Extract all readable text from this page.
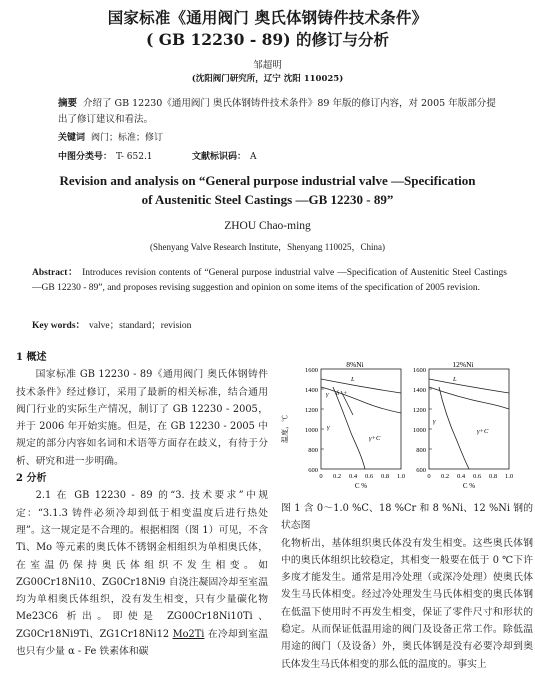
国家标准《通用阀门 奥氏体钢铸件技术条件》
( GB 12230 - 89) 的修订与分析
邹超明
(沈阳阀门研究所，辽宁 沈阳 110025)
摘要 介绍了 GB 12230《通用阀门 奥氏体钢铸件技术条件》89 年版的修订内容，对 2005 年版部分提出了修订建议和看法。
关键词 阀门；标准；修订
中图分类号： T- 652.1	文献标识码： A
Revision and analysis on “General purpose industrial valve —Specification
of Austenitic Steel Castings —GB 12230 - 89”
ZHOU Chao-ming
(Shenyang Valve Research Institute，Shenyang 110025，China)
Abstract： Introduces revision contents of “General purpose industrial valve —Specification of Austenitic Steel Castings —GB 12230 - 89”, and proposes revising suggestion and opinion on some items of the specification of 2005 revision.
Key words： valve；standard；revision
1 概述
国家标准 GB 12230 - 89《通用阀门 奥氏体钢铸件技术条件》经过修订，采用了最新的相关标准，结合通用阀门行业的实际生产情况，制订了 GB 12230 - 2005，并于 2006 年开始实施。但是，在 GB 12230 - 2005 中规定的部分内容如名词和术语等方面存在歧义，有待于分析、研究和进一步明确。
2 分析
2.1 在 GB 12230 - 89 的“3. 技术要求”中规定：“3.1.3 铸件必须冷却到低于相变温度后进行热处理”。这一规定是不合理的。根据相图（图 1）可见，不含 Ti、Mo 等元素的奥氏体不锈钢金相组织为单相奥氏体，在室温仍保持奥氏体组织不发生相变。如 ZG00Cr18Ni10、ZG0Cr18Ni9 自浇注凝固冷却至室温均为单相奥氏体组织，没有发生相变，只有少量碳化物 Me23C6 析出。即使是 ZG00Cr18Ni10Ti、ZG0Cr18Ni9Ti、ZG1Cr18Ni12 Mo2Ti 在冷却到室温也只有少量 α - Fe 铁素体和碳
温度，℃
8%Ni
1600
1400
1200
1000
800
600
0 0.2 0.4 0.6 0.8 1.0
C %
L
γ δ +
γ
γ+C
12%Ni
1600
1400
1200
1000
800
600
0 0.2 0.4 0.6 0.8 1.0
C %
L
γ
γ+C
图 1 含 0～1.0 %C、18 %Cr 和 8 %Ni、12 %Ni 钢的状态图
化物析出，基体组织奥氏体没有发生相变。这些奥氏体钢中的奥氏体组织比较稳定，其相变一般要在低于 0 ℃下许多度才能发生。通常是用冷处理（或深冷处理）使奥氏体发生马氏体相变。经过冷处理发生马氏体相变的奥氏体钢在低温下使用时不再发生相变，保证了零件尺寸和形状的稳定。从而保证低温用途的阀门及设备正常工作。除低温用途的阀门（及设备）外，奥氏体钢是没有必要冷却到奥氏体发生马氏体相变的那么低的温度的。事实上
